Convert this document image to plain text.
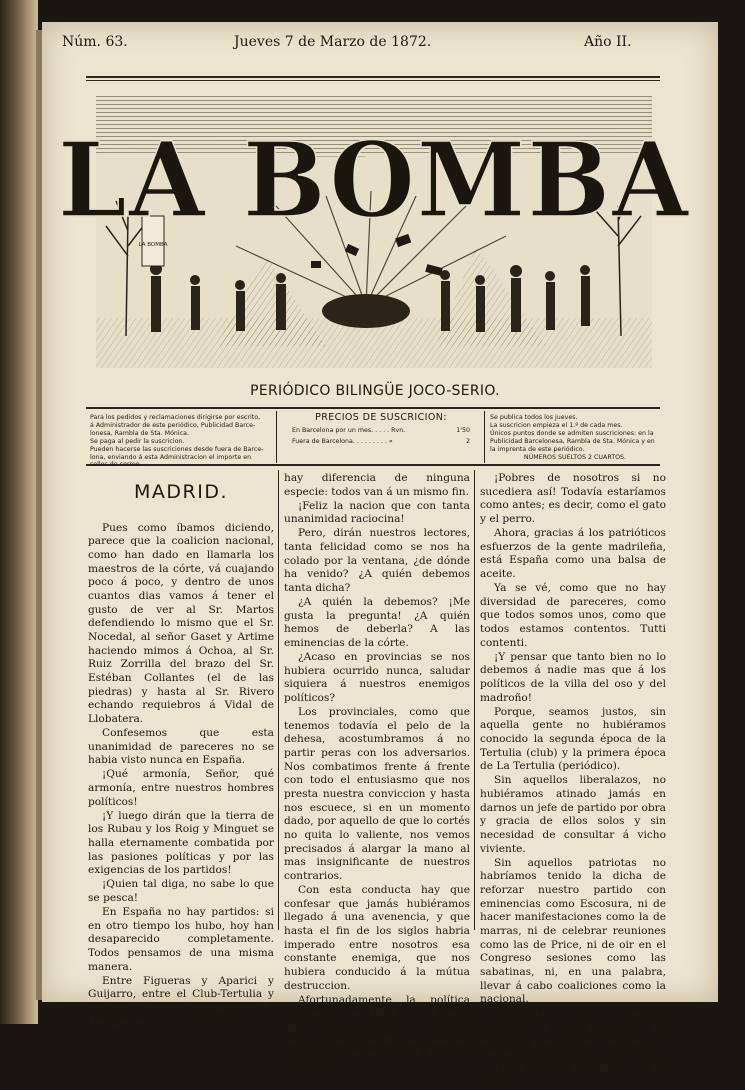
Núm. 63.	Jueves 7 de Marzo de 1872.	Año II.
LA BOMBA
LA BOMBA
PERIÓDICO BILINGÜE JOCO-SERIO.

Para los pedidos y reclamaciones dirigirse por escrito,

á Administrador de este periódico, Publicidad Barce-

lonesa, Rambla de Sta. Mónica.

Se paga al pedir la suscricion.

Pueden hacerse las suscriciones desde fuera de Barce-

lona, enviando á esta Administracion el importe en

sellos de correo.

PRECIOS DE SUSCRICION:
En Barcelona por un mes. . . . . Rvn.	1'50
Fuera de Barcelona. . . . . . . . . »	2

Se publica todos los jueves.

La suscricion empieza el 1.º de cada mes.

Únicos puntos donde se admiten suscriciones: en la

Publicidad Barcelonesa, Rambla de Sta. Mónica y en

la imprenta de este periódico.

NÚMEROS SUELTOS 2 CUARTOS.

MADRID.

Pues como íbamos diciendo, parece que la coalicion nacional, como han dado en llamarla los maestros de la córte, vá cuajando poco á poco, y dentro de unos cuantos dias vamos á tener el gusto de ver al Sr. Martos defendiendo lo mismo que el Sr. Nocedal, al señor Gaset y Artime haciendo mimos á Ochoa, al Sr. Ruiz Zorrilla del brazo del Sr. Estéban Collantes (el de las piedras) y hasta al Sr. Rivero echando requiebros á Vidal de Llobatera.

Confesemos que esta unanimidad de pareceres no se habia visto nunca en España.

¡Qué armonía, Señor, qué armonía, entre nuestros hombres políticos!

¡Y luego dirán que la tierra de los Rubau y los Roig y Minguet se halla eternamente combatida por las pasiones políticas y por las exigencias de los partidos!

¡Quien tal diga, no sabe lo que se pesca!

En España no hay partidos: si en otro tiempo los hubo, hoy han desaparecido completamente. Todos pensamos de una misma manera.

Entre Figueras y Aparici y Guijarro, entre el Club-Tertulia y los neos, entre El Imparcial y El Tiempo, no

hay diferencia de ninguna especie: todos van á un mismo fin.

¡Feliz la nacion que con tanta unanimidad raciocina!

Pero, dirán nuestros lectores, tanta felicidad como se nos ha colado por la ventana, ¿de dónde ha venido? ¿A quién debemos tanta dicha?

¿A quién la debemos? ¡Me gusta la pregunta! ¿A quién hemos de deberla? A las eminencias de la córte.

¿Acaso en provincias se nos hubiera ocurrido nunca, saludar siquiera á nuestros enemigos políticos?

Los provinciales, como que tenemos todavía el pelo de la dehesa, acostumbramos á no partir peras con los adversarios. Nos combatimos frente á frente con todo el entusiasmo que nos presta nuestra conviccion y hasta nos escuece, si en un momento dado, por aquello de que lo cortés no quita lo valiente, nos vemos precisados á alargar la mano al mas insignificante de nuestros contrarios.

Con esta conducta hay que confesar que jamás hubiéramos llegado á una avenencia, y que hasta el fin de los siglos habria imperado entre nosotros esa constante enemiga, que nos hubiera conducido á la mútua destruccion.

Afortunadamente la política provincial no tiene en España importancia alguna, y solo la política de Madrid adquiere en esta tierra la autoridad de cosa juzgada.

¡Pobres de nosotros si no sucediera así! Todavía estaríamos como antes; es decir, como el gato y el perro.

Ahora, gracias á los patrióticos esfuerzos de la gente madrileña, está España como una balsa de aceite.

Ya se vé, como que no hay diversidad de pareceres, como que todos somos unos, como que todos estamos contentos. Tutti contenti.

¡Y pensar que tanto bien no lo debemos á nadie mas que á los políticos de la villa del oso y del madroño!

Porque, seamos justos, sin aquella gente no hubiéramos conocido la segunda época de la Tertulia (club) y la primera época de La Tertulia (periódico).

Sin aquellos liberalazos, no hubiéramos atinado jamás en darnos un jefe de partido por obra y gracia de ellos solos y sin necesidad de consultar á vicho viviente.

Sin aquellos patriotas no habríamos tenido la dicha de reforzar nuestro partido con eminencias como Escosura, ni de hacer manifestaciones como la de marras, ni de celebrar reuniones como las de Price, ni de oir en el Congreso sesiones como las sabatinas, ni, en una palabra, llevar á cabo coaliciones como la nacional.

¡Calculad, pues, amables lectores, si son pequeños los servicios que nos han prestado los amigos de la córte!

En la vecina república, se ha dicho
